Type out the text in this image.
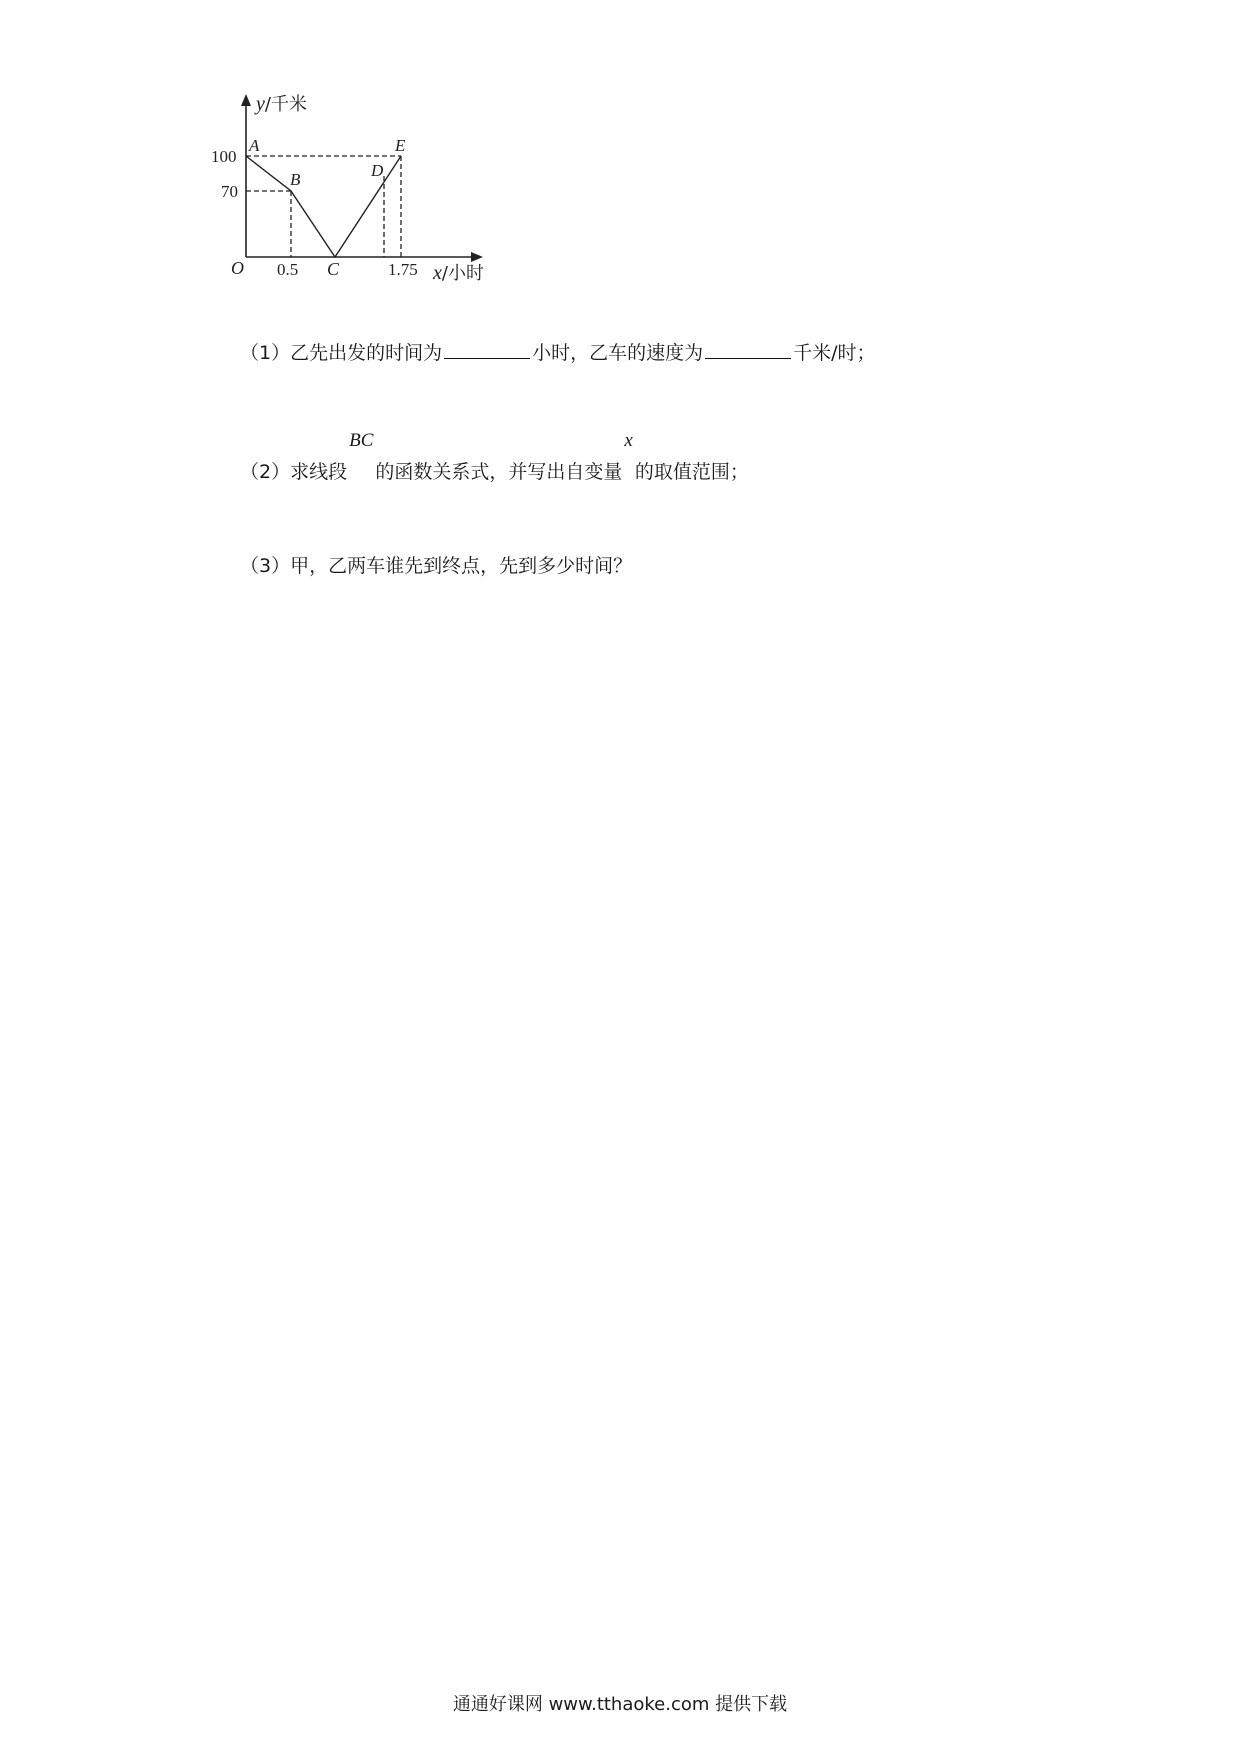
y/千米
x/小时
100
70
O 0.5 C	1.75
A
B	D
E
（1）乙先出发的时间为	小时，乙车的速度为	千米/时；
（2）求线段BC的函数关系式，并写出自变量x的取值范围；
（3）甲，乙两车谁先到终点，先到多少时间？
通通好课网 www.tthaoke.com 提供下载
